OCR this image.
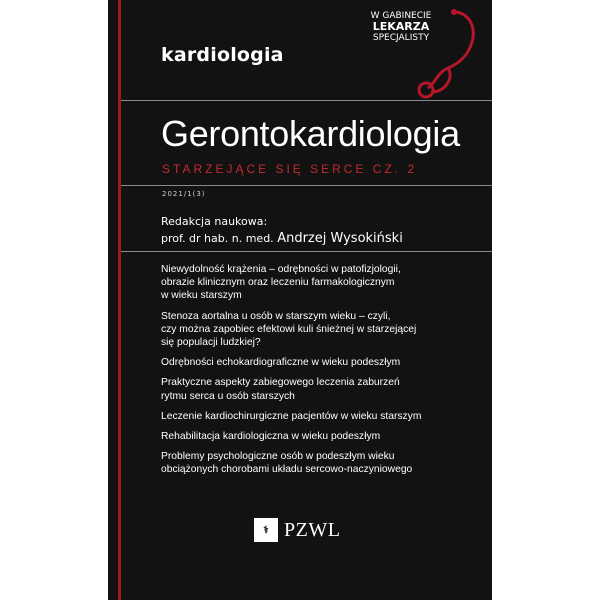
kardiologia
W GABINECIE
LEKARZA
SPECJALISTY
Gerontokardiologia
STARZEJĄCE SIĘ SERCE CZ. 2
2021/1(3)
Redakcja naukowa:
prof. dr hab. n. med. Andrzej Wysokiński
Niewydolność krążenia – odrębności w patofizjologii,
obrazie klinicznym oraz leczeniu farmakologicznym
w wieku starszym
Stenoza aortalna u osób w starszym wieku – czyli,
czy można zapobiec efektowi kuli śnieżnej w starzejącej
się populacji ludzkiej?
Odrębności echokardiograficzne w wieku podeszłym
Praktyczne aspekty zabiegowego leczenia zaburzeń
rytmu serca u osób starszych
Leczenie kardiochirurgiczne pacjentów w wieku starszym
Rehabilitacja kardiologiczna w wieku podeszłym
Problemy psychologiczne osób w podeszłym wieku
obciążonych chorobami układu sercowo-naczyniowego
⚕ PZWL
